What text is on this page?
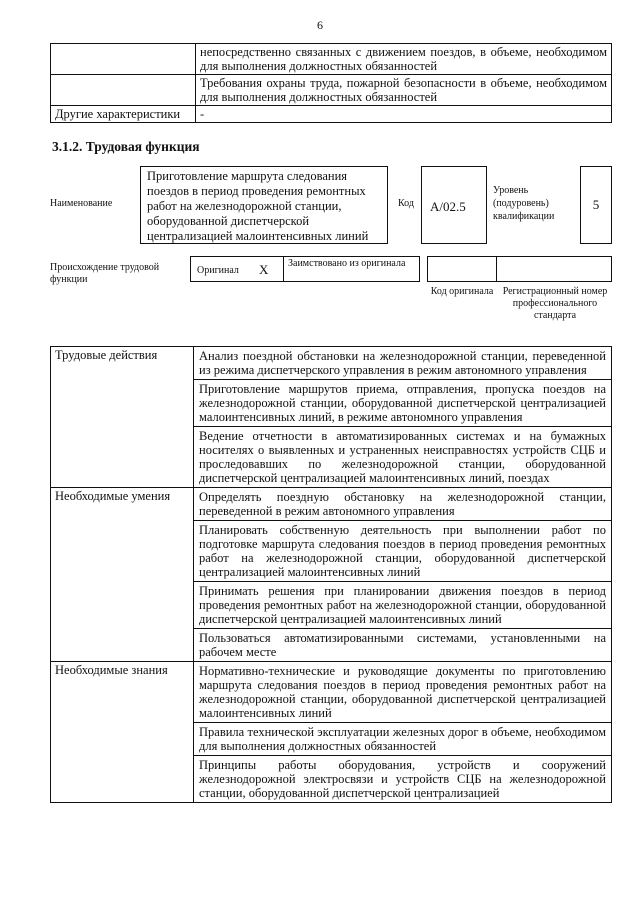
6
	непосредственно связанных с движением поездов, в объеме, необходимом для выполнения должностных обязанностей
	Требования охраны труда, пожарной безопасности в объеме, необходимом для выполнения должностных обязанностей
Другие характеристики	-
3.1.2. Трудовая функция
Наименование
Приготовление маршрута следования поездов в период проведения ремонтных работ на железнодорожной станции, оборудованной диспетчерской централизацией малоинтенсивных линий
Код	A/02.5
Уровень (подуровень) квалификации
5
Происхождение трудовой функции
Оригинал X	Заимствовано из оригинала
Код оригинала Регистрационный номер профессионального стандарта
Трудовые действия	Анализ поездной обстановки на железнодорожной станции, переведенной из режима диспетчерского управления в режим автономного управления
	Приготовление маршрутов приема, отправления, пропуска поездов на железнодорожной станции, оборудованной диспетчерской централизацией малоинтенсивных линий, в режиме автономного управления
	Ведение отчетности в автоматизированных системах и на бумажных носителях о выявленных и устраненных неисправностях устройств СЦБ и проследовавших по железнодорожной станции, оборудованной диспетчерской централизацией малоинтенсивных линий, поездах
Необходимые умения	Определять поездную обстановку на железнодорожной станции, переведенной в режим автономного управления
	Планировать собственную деятельность при выполнении работ по подготовке маршрута следования поездов в период проведения ремонтных работ на железнодорожной станции, оборудованной диспетчерской централизацией малоинтенсивных линий
	Принимать решения при планировании движения поездов в период проведения ремонтных работ на железнодорожной станции, оборудованной диспетчерской централизацией малоинтенсивных линий
	Пользоваться автоматизированными системами, установленными на рабочем месте
Необходимые знания	Нормативно-технические и руководящие документы по приготовлению маршрута следования поездов в период проведения ремонтных работ на железнодорожной станции, оборудованной диспетчерской централизацией малоинтенсивных линий
	Правила технической эксплуатации железных дорог в объеме, необходимом для выполнения должностных обязанностей
	Принципы работы оборудования, устройств и сооружений железнодорожной электросвязи и устройств СЦБ на железнодорожной станции, оборудованной диспетчерской централизацией
